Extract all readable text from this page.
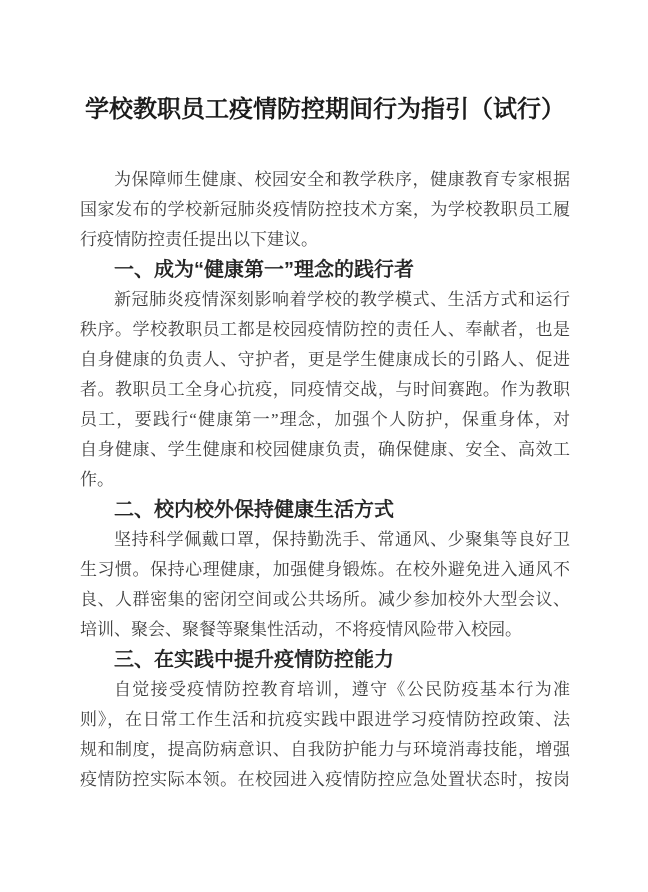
学校教职员工疫情防控期间行为指引（试行）
为保障师生健康、校园安全和教学秩序，健康教育专家根据
国家发布的学校新冠肺炎疫情防控技术方案，为学校教职员工履
行疫情防控责任提出以下建议。
一、成为“健康第一”理念的践行者
新冠肺炎疫情深刻影响着学校的教学模式、生活方式和运行
秩序。学校教职员工都是校园疫情防控的责任人、奉献者，也是
自身健康的负责人、守护者，更是学生健康成长的引路人、促进
者。教职员工全身心抗疫，同疫情交战，与时间赛跑。作为教职
员工，要践行“健康第一”理念，加强个人防护，保重身体，对
自身健康、学生健康和校园健康负责，确保健康、安全、高效工
作。
二、校内校外保持健康生活方式
坚持科学佩戴口罩，保持勤洗手、常通风、少聚集等良好卫
生习惯。保持心理健康，加强健身锻炼。在校外避免进入通风不
良、人群密集的密闭空间或公共场所。减少参加校外大型会议、
培训、聚会、聚餐等聚集性活动，不将疫情风险带入校园。
三、在实践中提升疫情防控能力
自觉接受疫情防控教育培训，遵守《公民防疫基本行为准
则》，在日常工作生活和抗疫实践中跟进学习疫情防控政策、法
规和制度，提高防病意识、自我防护能力与环境消毒技能，增强
疫情防控实际本领。在校园进入疫情防控应急处置状态时，按岗
